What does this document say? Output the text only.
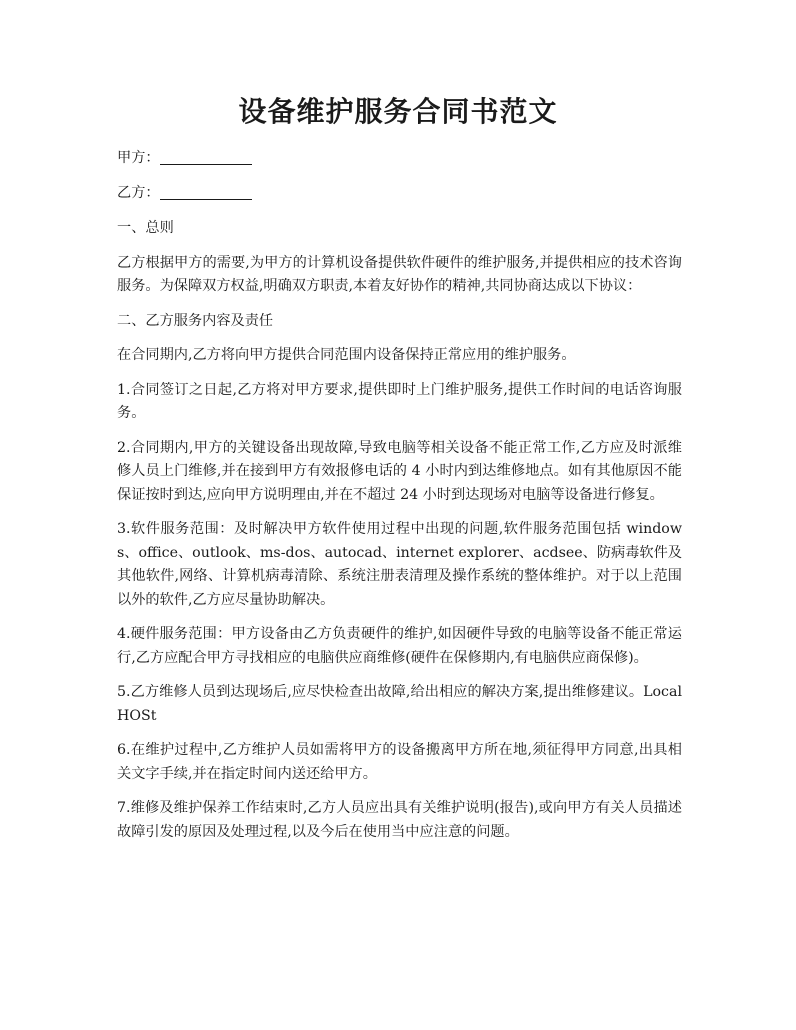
设备维护服务合同书范文

甲方：

乙方：

一、总则

乙方根据甲方的需要,为甲方的计算机设备提供软件硬件的维护服务,并提供相应的技术咨询服务。为保障双方权益,明确双方职责,本着友好协作的精神,共同协商达成以下协议：

二、乙方服务内容及责任

在合同期内,乙方将向甲方提供合同范围内设备保持正常应用的维护服务。

1.合同签订之日起,乙方将对甲方要求,提供即时上门维护服务,提供工作时间的电话咨询服务。

2.合同期内,甲方的关键设备出现故障,导致电脑等相关设备不能正常工作,乙方应及时派维修人员上门维修,并在接到甲方有效报修电话的 4 小时内到达维修地点。如有其他原因不能保证按时到达,应向甲方说明理由,并在不超过 24 小时到达现场对电脑等设备进行修复。

3.软件服务范围：及时解决甲方软件使用过程中出现的问题,软件服务范围包括 windows、office、outlook、ms-dos、autocad、internet explorer、acdsee、防病毒软件及其他软件,网络、计算机病毒清除、系统注册表清理及操作系统的整体维护。对于以上范围以外的软件,乙方应尽量协助解决。

4.硬件服务范围：甲方设备由乙方负责硬件的维护,如因硬件导致的电脑等设备不能正常运行,乙方应配合甲方寻找相应的电脑供应商维修(硬件在保修期内,有电脑供应商保修)。

5.乙方维修人员到达现场后,应尽快检查出故障,给出相应的解决方案,提出维修建议。LocalHOSt

6.在维护过程中,乙方维护人员如需将甲方的设备搬离甲方所在地,须征得甲方同意,出具相关文字手续,并在指定时间内送还给甲方。

7.维修及维护保养工作结束时,乙方人员应出具有关维护说明(报告),或向甲方有关人员描述故障引发的原因及处理过程,以及今后在使用当中应注意的问题。
